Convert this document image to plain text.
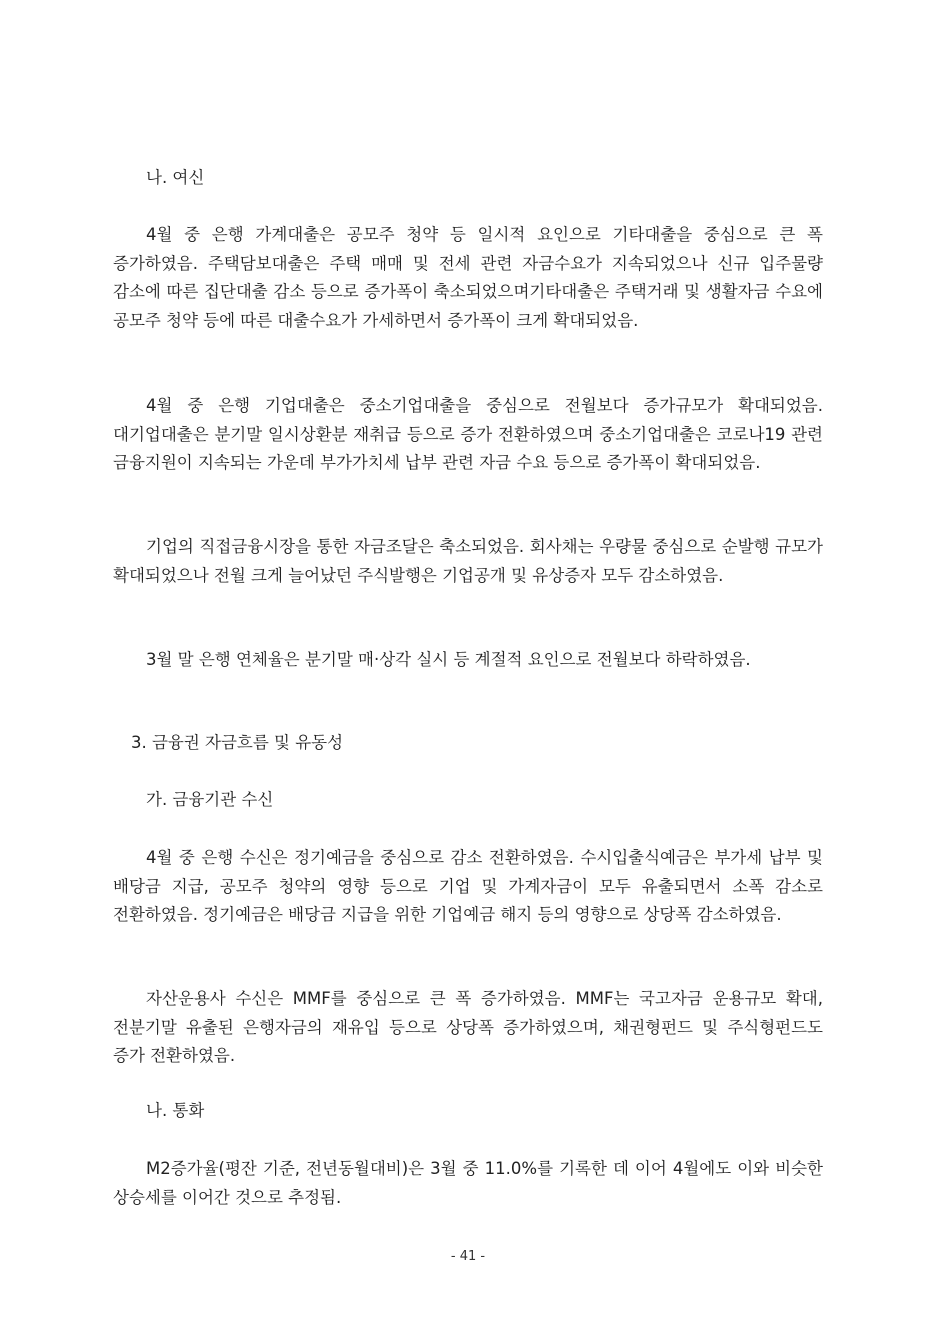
나. 여신

4월 중 은행 가계대출은 공모주 청약 등 일시적 요인으로 기타대출을 중심으로 큰 폭 증가하였음. 주택담보대출은 주택 매매 및 전세 관련 자금수요가 지속되었으나 신규 입주물량 감소에 따른 집단대출 감소 등으로 증가폭이 축소되었으며기타대출은 주택거래 및 생활자금 수요에 공모주 청약 등에 따른 대출수요가 가세하면서 증가폭이 크게 확대되었음.

4월 중 은행 기업대출은 중소기업대출을 중심으로 전월보다 증가규모가 확대되었음. 대기업대출은 분기말 일시상환분 재취급 등으로 증가 전환하였으며 중소기업대출은 코로나19 관련 금융지원이 지속되는 가운데 부가가치세 납부 관련 자금 수요 등으로 증가폭이 확대되었음.

기업의 직접금융시장을 통한 자금조달은 축소되었음. 회사채는 우량물 중심으로 순발행 규모가 확대되었으나 전월 크게 늘어났던 주식발행은 기업공개 및 유상증자 모두 감소하였음.

3월 말 은행 연체율은 분기말 매·상각 실시 등 계절적 요인으로 전월보다 하락하였음.

3. 금융권 자금흐름 및 유동성
가. 금융기관 수신

4월 중 은행 수신은 정기예금을 중심으로 감소 전환하였음. 수시입출식예금은 부가세 납부 및 배당금 지급, 공모주 청약의 영향 등으로 기업 및 가계자금이 모두 유출되면서 소폭 감소로 전환하였음. 정기예금은 배당금 지급을 위한 기업예금 해지 등의 영향으로 상당폭 감소하였음.

자산운용사 수신은 MMF를 중심으로 큰 폭 증가하였음. MMF는 국고자금 운용규모 확대, 전분기말 유출된 은행자금의 재유입 등으로 상당폭 증가하였으며, 채권형펀드 및 주식형펀드도 증가 전환하였음.

나. 통화

M2증가율(평잔 기준, 전년동월대비)은 3월 중 11.0%를 기록한 데 이어 4월에도 이와 비슷한 상승세를 이어간 것으로 추정됨.

- 41 -
